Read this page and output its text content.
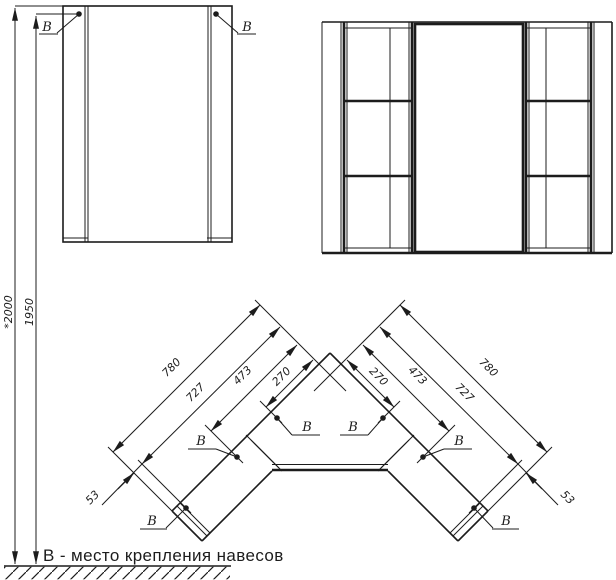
*2000 1950
В	В
780
727
473 270
53
780
727
473
270
53
В
В
В	В
В
В
В - место крепления навесов
